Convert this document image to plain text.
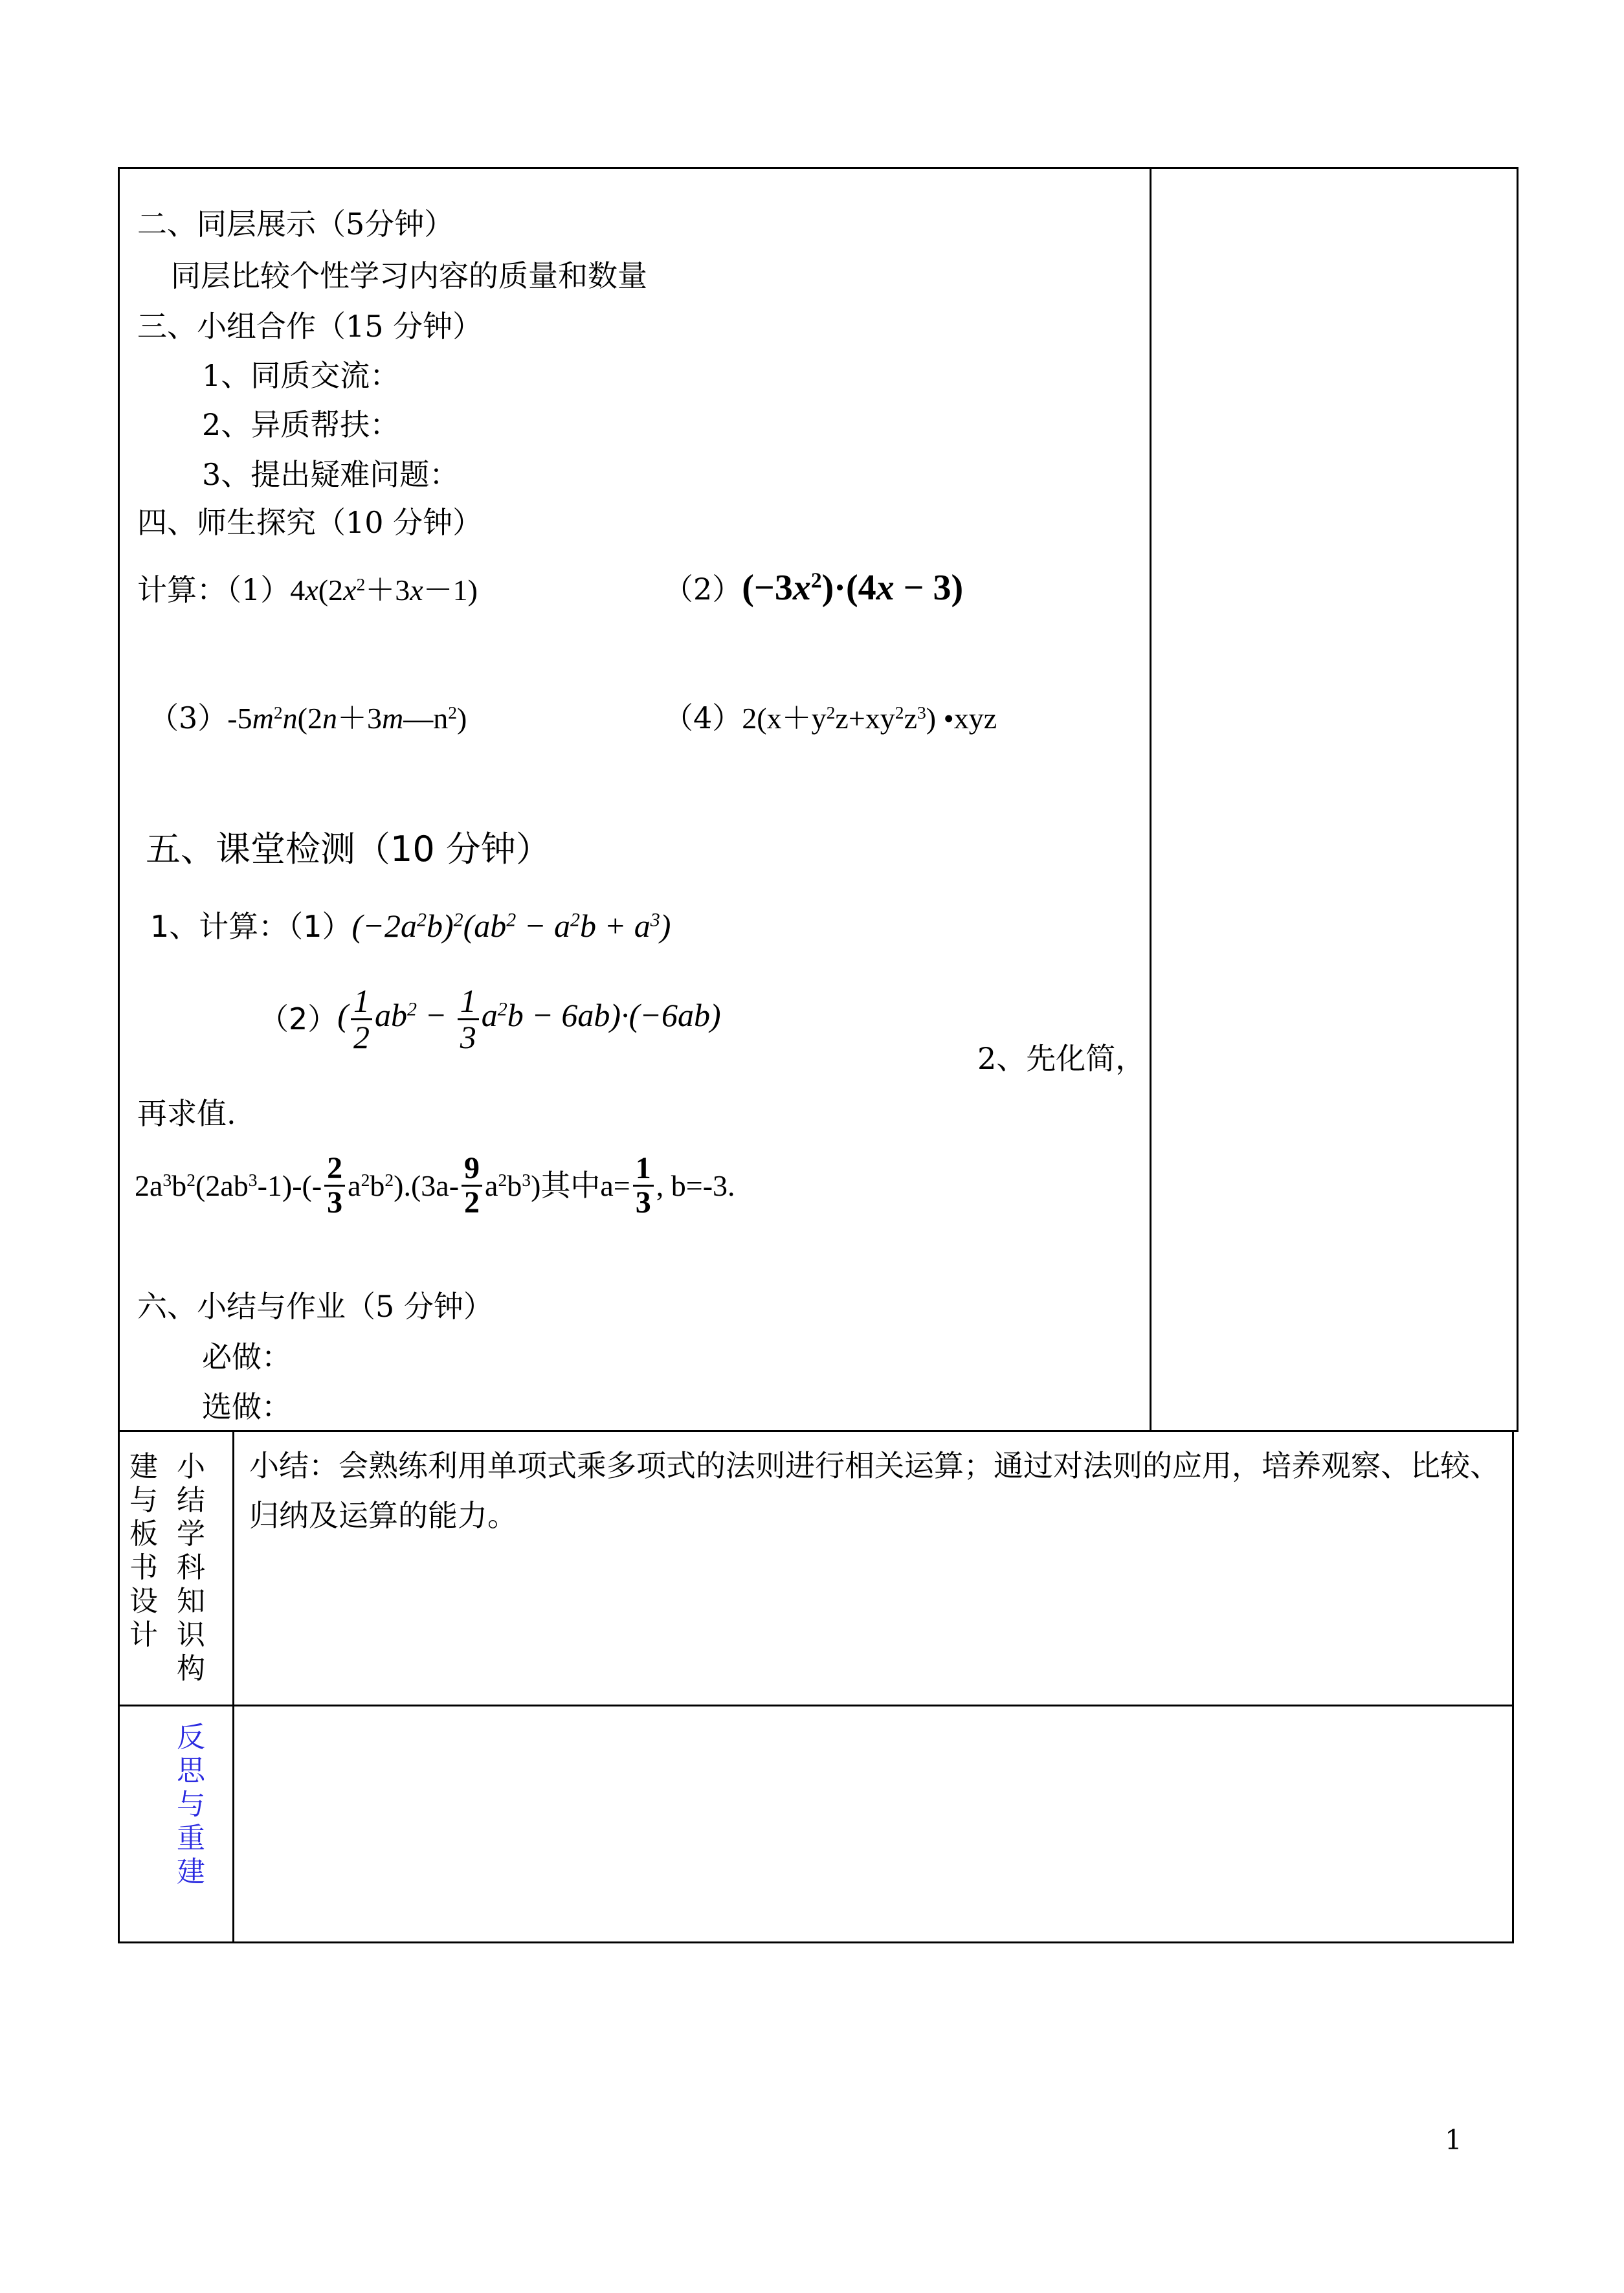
二、同层展示（5分钟）
同层比较个性学习内容的质量和数量
三、小组合作（15 分钟）
1、同质交流：
2、异质帮扶：
3、提出疑难问题：
四、师生探究（10 分钟）
计算：$(1)4x(2x^2+3x-1)$	$(2)(-3x^2)\cdot(4x - 3)$
$(3)-5m^2n(2n+3m—n^2)$	$(4)2(x+y^2z+xy^2z^3)$ •xyz
五、课堂检测（10 分钟）
1、计算：$(1)(-2a^2b)^2(ab^2 - a^2b + a^3)$
$(2)( \frac{1}{2} ab^2 - \frac{1}{3} a^2b - 6ab)\cdot(-6ab)$
2、先化简，
再求值.
$2a^3b^2(2ab^3-1)-(- \frac{2}{3} a^2b^2).(3a- \frac{9}{2} a^2b^3)$其中$a= \frac{1}{3}$ , b=-3.
六、小结与作业（5 分钟）
必做：
选做：
建与板书设计
小结学科知识构
小结：会熟练利用单项式乘多项式的法则进行相关运算；通过对法则的应用，培养观察、比较、归纳及运算的能力。
反思与重建
1
